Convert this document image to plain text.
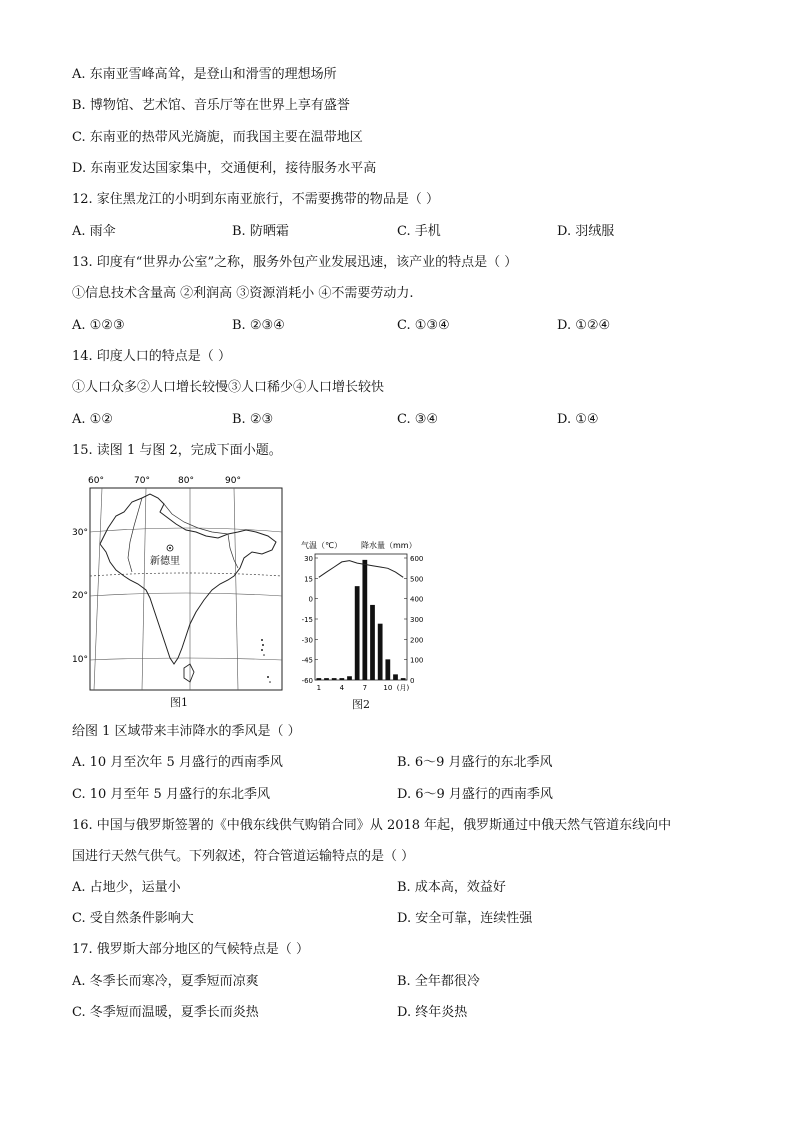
A. 东南亚雪峰高耸，是登山和滑雪的理想场所
B. 博物馆、艺术馆、音乐厅等在世界上享有盛誉
C. 东南亚的热带风光旖旎，而我国主要在温带地区
D. 东南亚发达国家集中，交通便利，接待服务水平高
12. 家住黑龙江的小明到东南亚旅行，不需要携带的物品是（ ）
A. 雨伞	B. 防晒霜	C. 手机	D. 羽绒服
13. 印度有“世界办公室”之称，服务外包产业发展迅速，该产业的特点是（ ）
①信息技术含量高 ②利润高 ③资源消耗小 ④不需要劳动力.
A. ①②③	B. ②③④	C. ①③④	D. ①②④
14. 印度人口的特点是（ ）
①人口众多②人口增长较慢③人口稀少④人口增长较快
A. ①②	B. ②③	C. ③④	D. ①④
15. 读图 1 与图 2，完成下面小题。
60°	70°	80°	90°
30°
20°
10°
新德里
图1
气温（℃） 降水量（mm）
30
15
0
-15
-30
-45
-60
600
500
400
300
200
100
0
1	4	7 10 (月)
图2
给图 1 区域带来丰沛降水的季风是（ ）
A. 10 月至次年 5 月盛行的西南季风	B. 6～9 月盛行的东北季风
C. 10 月至年 5 月盛行的东北季风	D. 6～9 月盛行的西南季风
16. 中国与俄罗斯签署的《中俄东线供气购销合同》从 2018 年起，俄罗斯通过中俄天然气管道东线向中
国进行天然气供气。下列叙述，符合管道运输特点的是（ ）
A. 占地少，运量小	B. 成本高，效益好
C. 受自然条件影响大	D. 安全可靠，连续性强
17. 俄罗斯大部分地区的气候特点是（ ）
A. 冬季长而寒冷，夏季短而凉爽	B. 全年都很冷
C. 冬季短而温暖，夏季长而炎热	D. 终年炎热
